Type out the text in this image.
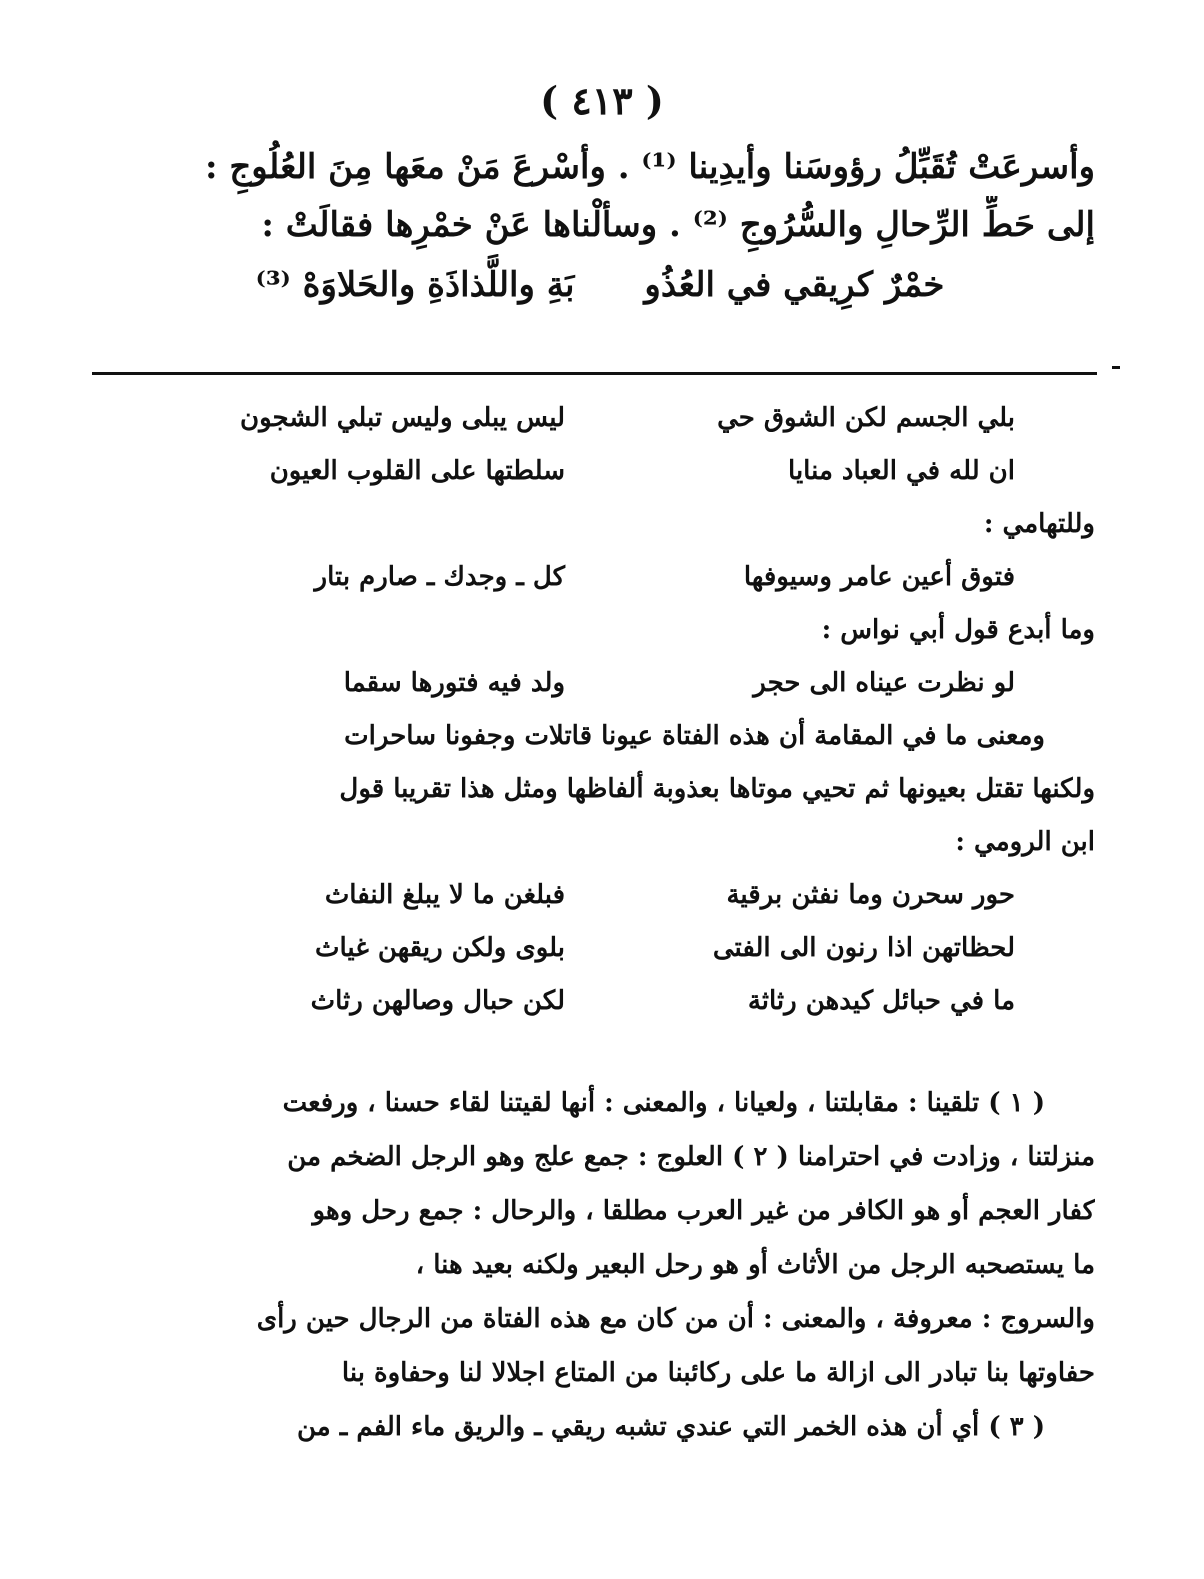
( ٤١٣ )
وأسرعَتْ تُقَبِّلُ رؤوسَنا وأيدِينا ⁽¹⁾ . وأسْرعَ مَنْ معَها مِنَ العُلُوجِ :
إلى حَطِّ الرِّحالِ والسُّرُوجِ ⁽²⁾ . وسألْناها عَنْ خمْرِها فقالَتْ :
خمْرٌ كرِيقي في العُذُو
بَةِ واللَّذاذَةِ والحَلاوَهْ ⁽³⁾
بلي الجسم لكن الشوق حي
ليس يبلى وليس تبلي الشجون
ان لله في العباد منايا
سلطتها على القلوب العيون
وللتهامي :
فتوق أعين عامر وسيوفها
كل ـ وجدك ـ صارم بتار
وما أبدع قول أبي نواس :
لو نظرت عيناه الى حجر
ولد فيه فتورها سقما
ومعنى ما في المقامة أن هذه الفتاة عيونا قاتلات وجفونا ساحرات
ولكنها تقتل بعيونها ثم تحيي موتاها بعذوبة ألفاظها ومثل هذا تقريبا قول
ابن الرومي :
حور سحرن وما نفثن برقية
فبلغن ما لا يبلغ النفاث
لحظاتهن اذا رنون الى الفتى
بلوى ولكن ريقهن غياث
ما في حبائل كيدهن رثاثة
لكن حبال وصالهن رثاث
( ١ ) تلقينا : مقابلتنا ، ولعيانا ، والمعنى : أنها لقيتنا لقاء حسنا ، ورفعت
منزلتنا ، وزادت في احترامنا ( ٢ ) العلوج : جمع علج وهو الرجل الضخم من
كفار العجم أو هو الكافر من غير العرب مطلقا ، والرحال : جمع رحل وهو
ما يستصحبه الرجل من الأثاث أو هو رحل البعير ولكنه بعيد هنا ،
والسروج : معروفة ، والمعنى : أن من كان مع هذه الفتاة من الرجال حين رأى
حفاوتها بنا تبادر الى ازالة ما على ركائبنا من المتاع اجلالا لنا وحفاوة بنا
( ٣ ) أي أن هذه الخمر التي عندي تشبه ريقي ـ والريق ماء الفم ـ من
